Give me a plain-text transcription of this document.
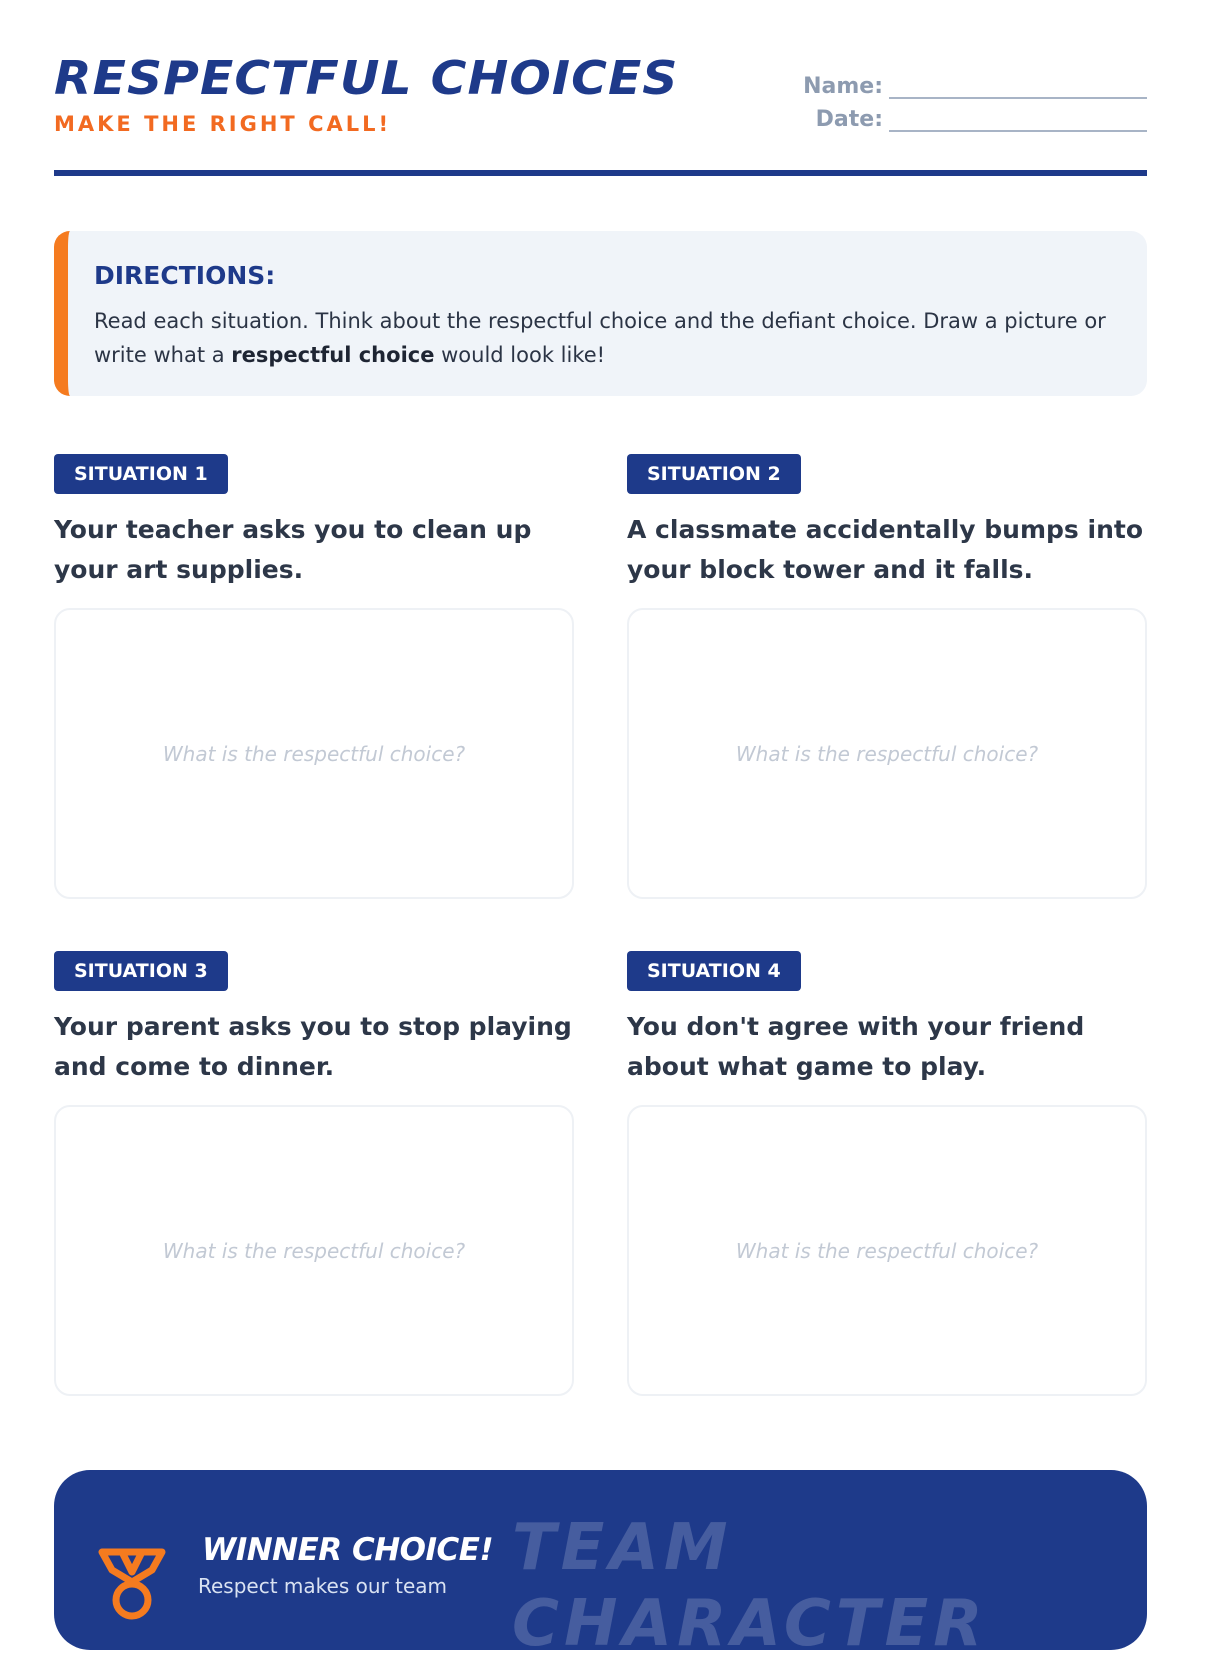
RESPECTFUL CHOICES
MAKE THE RIGHT CALL!
Name:
Date:
DIRECTIONS:
Read each situation. Think about the respectful choice and the defiant choice. Draw a picture or write what a respectful choice would look like!
SITUATION 1
Your teacher asks you to clean up your art supplies.
What is the respectful choice?
SITUATION 2
A classmate accidentally bumps into your block tower and it falls.
What is the respectful choice?
SITUATION 3
Your parent asks you to stop playing and come to dinner.
What is the respectful choice?
SITUATION 4
You don't agree with your friend about what game to play.
What is the respectful choice?
TEAM
CHARACTER
WINNER CHOICE!
Respect makes our team
